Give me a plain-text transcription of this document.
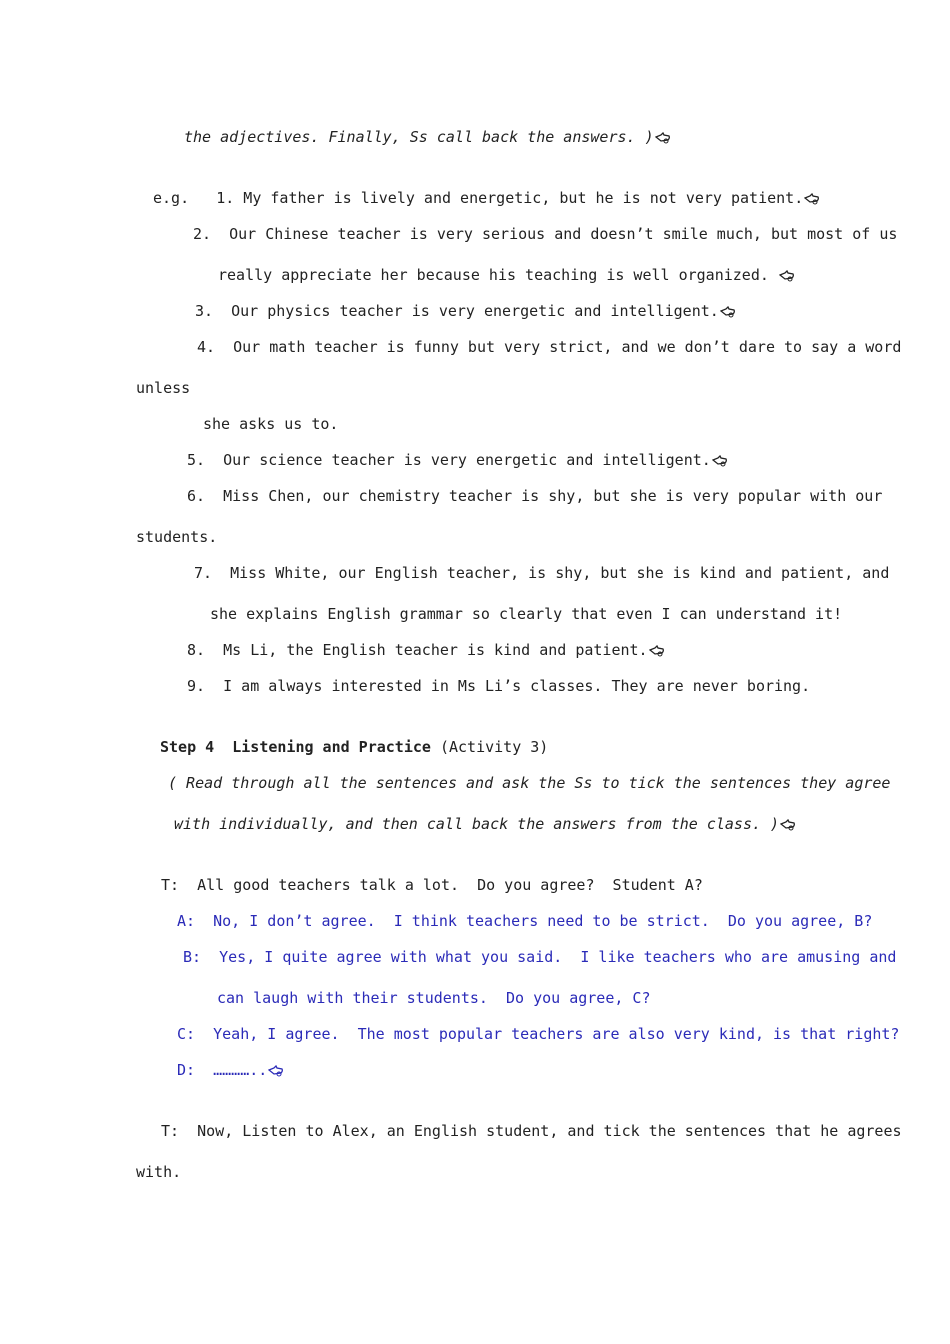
the adjectives. Finally, Ss call back the answers. )
e.g. 1. My father is lively and energetic, but he is not very patient.
2.  Our Chinese teacher is very serious and doesn’t smile much, but most of us
really appreciate her because his teaching is well organized.
3.  Our physics teacher is very energetic and intelligent.
4.  Our math teacher is funny but very strict, and we don’t dare to say a word
unless
she asks us to.
5.  Our science teacher is very energetic and intelligent.
6.  Miss Chen, our chemistry teacher is shy, but she is very popular with our
students.
7.  Miss White, our English teacher, is shy, but she is kind and patient, and
she explains English grammar so clearly that even I can understand it!
8.  Ms Li, the English teacher is kind and patient.
9.  I am always interested in Ms Li’s classes. They are never boring.
Step 4  Listening and Practice (Activity 3)
( Read through all the sentences and ask the Ss to tick the sentences they agree
with individually, and then call back the answers from the class. )
T:  All good teachers talk a lot.  Do you agree?  Student A?
A:  No, I don’t agree.  I think teachers need to be strict.  Do you agree, B?
B:  Yes, I quite agree with what you said.  I like teachers who are amusing and
can laugh with their students.  Do you agree, C?
C:  Yeah, I agree.  The most popular teachers are also very kind, is that right?
D:  …………..
T:  Now, Listen to Alex, an English student, and tick the sentences that he agrees
with.
